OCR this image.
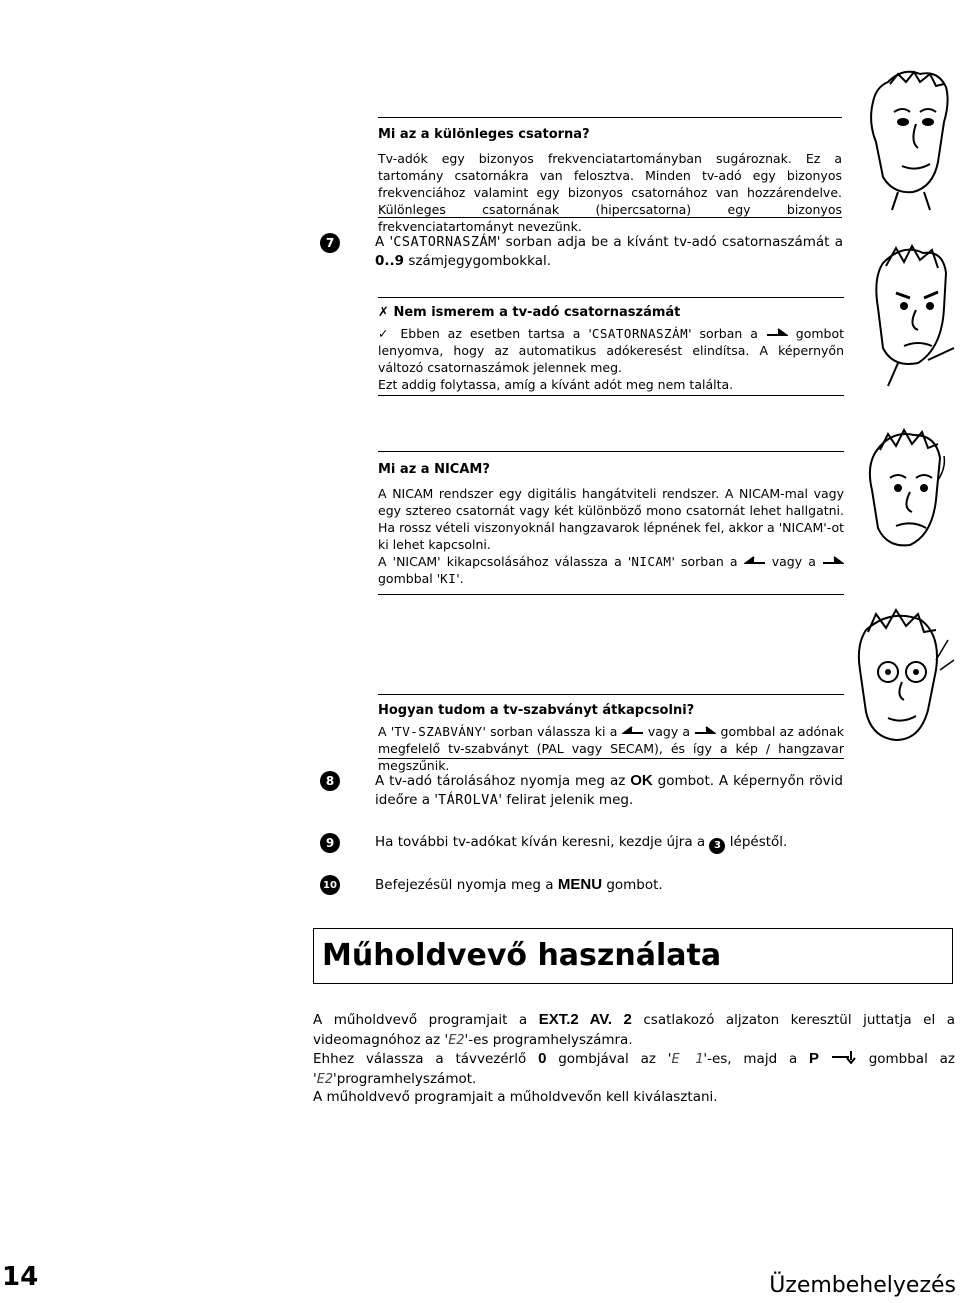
Mi az a különleges csatorna?

Tv-adók egy bizonyos frekvenciatartományban sugároznak. Ez a tartomány csatornákra van felosztva. Minden tv-adó egy bizonyos frekvenciához valamint egy bizonyos csatornához van hozzárendelve. Különleges csatornának (hipercsatorna) egy bizonyos frekvenciatartományt nevezünk.

7	A 'CSATORNASZÁM' sorban adja be a kívánt tv-adó csatornaszámát a 0..9 számjegygombokkal.
✗ Nem ismerem a tv-adó csatornaszámát

✓ Ebben az esetben tartsa a 'CSATORNASZÁM' sorban a	gombot lenyomva, hogy az automatikus adókeresést elindítsa. A képernyőn változó csatornaszámok jelennek meg.

Ezt addig folytassa, amíg a kívánt adót meg nem találta.

Mi az a NICAM?

A NICAM rendszer egy digitális hangátviteli rendszer. A NICAM-mal vagy egy sztereo csatornát vagy két különböző mono csatornát lehet hallgatni. Ha rossz vételi viszonyoknál hangzavarok lépnének fel, akkor a 'NICAM'-ot ki lehet kapcsolni.

A 'NICAM' kikapcsolásához válassza a 'NICAM' sorban a	vagy a  gombbal 'KI'.

Hogyan tudom a tv-szabványt átkapcsolni?

A 'TV-SZABVÁNY' sorban válassza ki a vagy a gombbal az adónak megfelelő tv-szabványt (PAL vagy SECAM), és így a kép / hangzavar megszűnik.

8	A tv-adó tárolásához nyomja meg az OK gombot. A képernyőn rövid ideőre a 'TÁROLVA' felirat jelenik meg.
9	Ha további tv-adókat kíván keresni, kezdje újra a 3 lépéstől.
10	Befejezésül nyomja meg a MENU gombot.
Műholdvevő használata
A műholdvevő programjait a EXT.2 AV. 2 csatlakozó aljzaton keresztül juttatja el a videomagnóhoz az 'E2'-es programhelyszámra.
Ehhez válassza a távvezérlő 0 gombjával az 'E 1'-es, majd a P	gombbal az 'E2'programhelyszámot.
A műholdvevő programjait a műholdvevőn kell kiválasztani.
14	Üzembehelyezés
